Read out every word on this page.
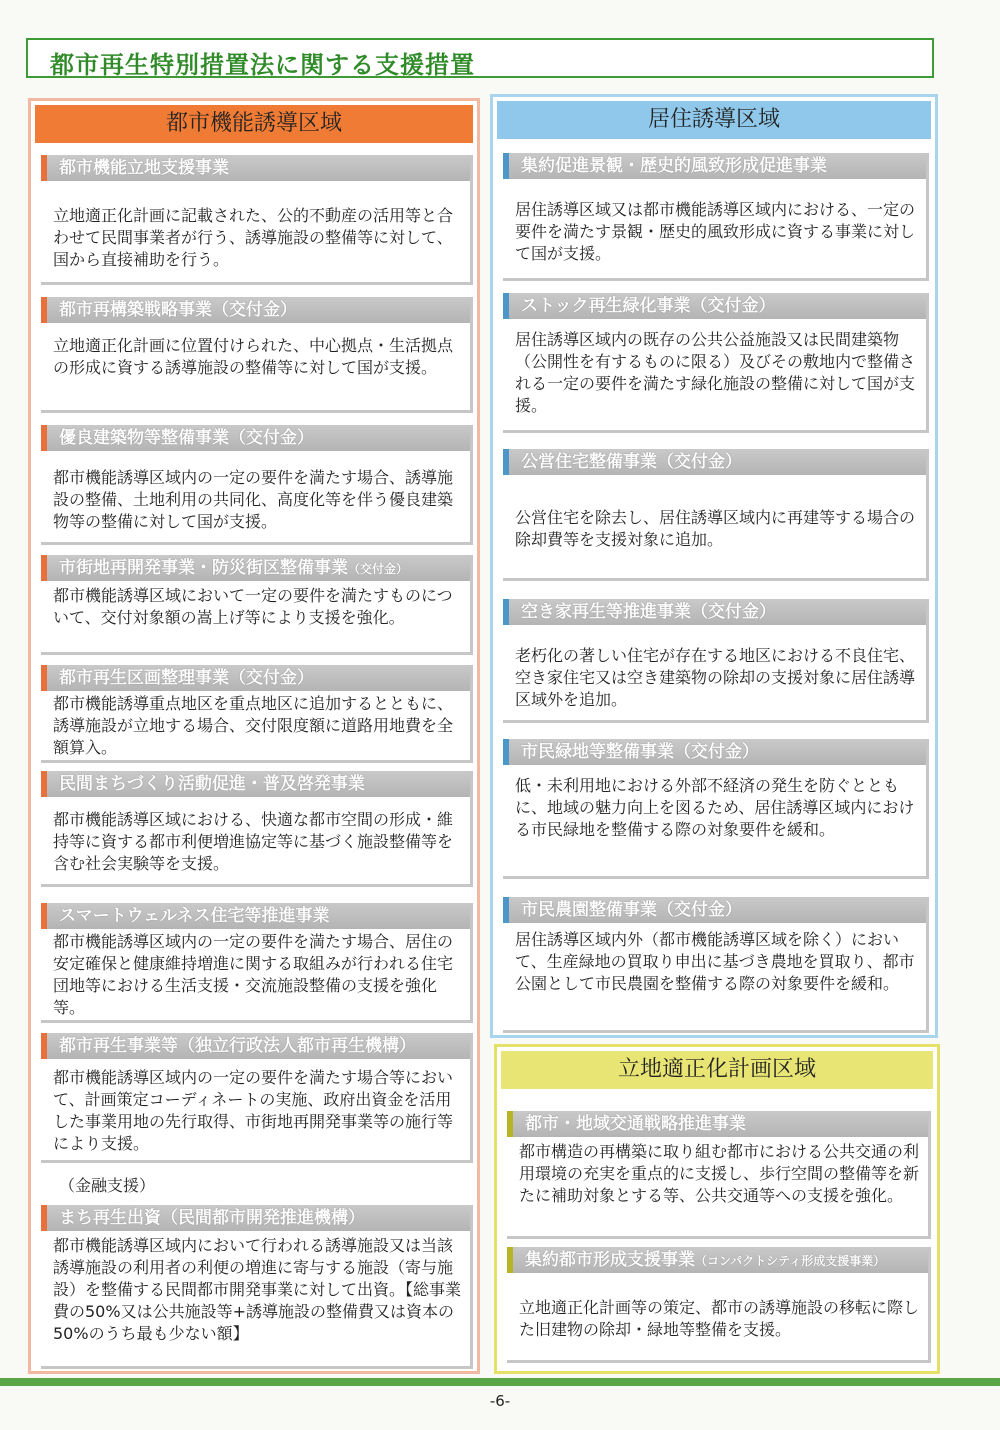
都市再生特別措置法に関する支援措置
都市機能誘導区域
都市機能立地支援事業
立地適正化計画に記載された、公的不動産の活用等と合わせて民間事業者が行う、誘導施設の整備等に対して、国から直接補助を行う。
都市再構築戦略事業（交付金）
立地適正化計画に位置付けられた、中心拠点・生活拠点の形成に資する誘導施設の整備等に対して国が支援。
優良建築物等整備事業（交付金）
都市機能誘導区域内の一定の要件を満たす場合、誘導施設の整備、土地利用の共同化、高度化等を伴う優良建築物等の整備に対して国が支援。
市街地再開発事業・防災街区整備事業（交付金）
都市機能誘導区域において一定の要件を満たすものについて、交付対象額の嵩上げ等により支援を強化。
都市再生区画整理事業（交付金）
都市機能誘導重点地区を重点地区に追加するとともに、誘導施設が立地する場合、交付限度額に道路用地費を全額算入。
民間まちづくり活動促進・普及啓発事業
都市機能誘導区域における、快適な都市空間の形成・維持等に資する都市利便増進協定等に基づく施設整備等を含む社会実験等を支援。
スマートウェルネス住宅等推進事業
都市機能誘導区域内の一定の要件を満たす場合、居住の安定確保と健康維持増進に関する取組みが行われる住宅団地等における生活支援・交流施設整備の支援を強化等。
都市再生事業等（独立行政法人都市再生機構）
都市機能誘導区域内の一定の要件を満たす場合等において、計画策定コーディネートの実施、政府出資金を活用した事業用地の先行取得、市街地再開発事業等の施行等により支援。
（金融支援）
まち再生出資（民間都市開発推進機構）
都市機能誘導区域内において行われる誘導施設又は当該誘導施設の利用者の利便の増進に寄与する施設（寄与施設）を整備する民間都市開発事業に対して出資。【総事業費の50%又は公共施設等+誘導施設の整備費又は資本の50%のうち最も少ない額】
居住誘導区域
集約促進景観・歴史的風致形成促進事業
居住誘導区域又は都市機能誘導区域内における、一定の要件を満たす景観・歴史的風致形成に資する事業に対して国が支援。
ストック再生緑化事業（交付金）
居住誘導区域内の既存の公共公益施設又は民間建築物（公開性を有するものに限る）及びその敷地内で整備される一定の要件を満たす緑化施設の整備に対して国が支援。
公営住宅整備事業（交付金）
公営住宅を除去し、居住誘導区域内に再建等する場合の除却費等を支援対象に追加。
空き家再生等推進事業（交付金）
老朽化の著しい住宅が存在する地区における不良住宅、空き家住宅又は空き建築物の除却の支援対象に居住誘導区域外を追加。
市民緑地等整備事業（交付金）
低・未利用地における外部不経済の発生を防ぐとともに、地域の魅力向上を図るため、居住誘導区域内における市民緑地を整備する際の対象要件を緩和。
市民農園整備事業（交付金）
居住誘導区域内外（都市機能誘導区域を除く）において、生産緑地の買取り申出に基づき農地を買取り、都市公園として市民農園を整備する際の対象要件を緩和。
立地適正化計画区域
都市・地域交通戦略推進事業
都市構造の再構築に取り組む都市における公共交通の利用環境の充実を重点的に支援し、歩行空間の整備等を新たに補助対象とする等、公共交通等への支援を強化。
集約都市形成支援事業（コンパクトシティ形成支援事業）
立地適正化計画等の策定、都市の誘導施設の移転に際した旧建物の除却・緑地等整備を支援。
-6-
